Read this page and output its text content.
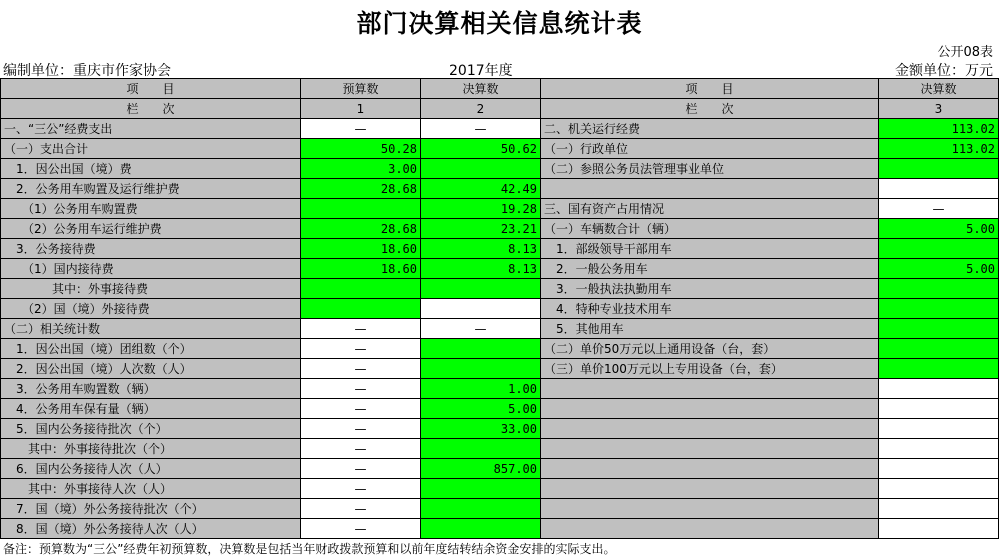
部门决算相关信息统计表
公开08表
编制单位：重庆市作家协会	2017年度	金额单位：万元
项　　目	预算数	决算数	项　　目	决算数
栏　　次	1	2	栏　　次	3
一、“三公”经费支出	—	—	二、机关运行经费	113.02
（一）支出合计	50.28	50.62	（一）行政单位	113.02
　1．因公出国（境）费	3.00		（二）参照公务员法管理事业单位	
　2．公务用车购置及运行维护费	28.68	42.49		
　　（1）公务用车购置费		19.28	三、国有资产占用情况	—
　　（2）公务用车运行维护费	28.68	23.21	（一）车辆数合计（辆）	5.00
　3．公务接待费	18.60	8.13	　1．部级领导干部用车	
　　（1）国内接待费	18.60	8.13	　2．一般公务用车	5.00
　　　　其中：外事接待费			　3．一般执法执勤用车	
　　（2）国（境）外接待费			　4．特种专业技术用车	
（二）相关统计数	—	—	　5．其他用车	
　1．因公出国（境）团组数（个）	—		（二）单价50万元以上通用设备（台，套）	
　2．因公出国（境）人次数（人）	—		（三）单价100万元以上专用设备（台，套）	
　3．公务用车购置数（辆）	—	1.00		
　4．公务用车保有量（辆）	—	5.00		
　5．国内公务接待批次（个）	—	33.00		
　　其中：外事接待批次（个）	—			
　6．国内公务接待人次（人）	—	857.00		
　　其中：外事接待人次（人）	—			
　7．国（境）外公务接待批次（个）	—			
　8．国（境）外公务接待人次（人）	—			
备注：预算数为“三公”经费年初预算数，决算数是包括当年财政拨款预算和以前年度结转结余资金安排的实际支出。
